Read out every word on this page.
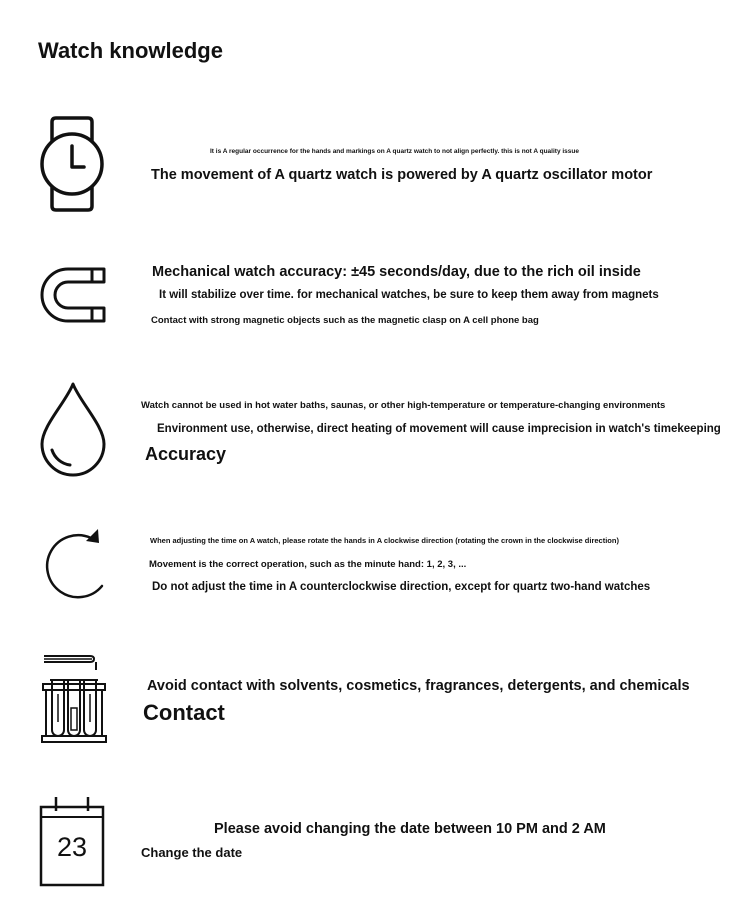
Watch knowledge
It is A regular occurrence for the hands and markings on A quartz watch to not align perfectly. this is not A quality issue
The movement of A quartz watch is powered by A quartz oscillator motor
Mechanical watch accuracy: ±45 seconds/day, due to the rich oil inside
It will stabilize over time. for mechanical watches, be sure to keep them away from magnets
Contact with strong magnetic objects such as the magnetic clasp on A cell phone bag
Watch cannot be used in hot water baths, saunas, or other high-temperature or temperature-changing environments
Environment use, otherwise, direct heating of movement will cause imprecision in watch's timekeeping
Accuracy
When adjusting the time on A watch, please rotate the hands in A clockwise direction (rotating the crown in the clockwise direction)
Movement is the correct operation, such as the minute hand: 1, 2, 3, ...
Do not adjust the time in A counterclockwise direction, except for quartz two-hand watches
Avoid contact with solvents, cosmetics, fragrances, detergents, and chemicals
Contact
23
Please avoid changing the date between 10 PM and 2 AM
Change the date
